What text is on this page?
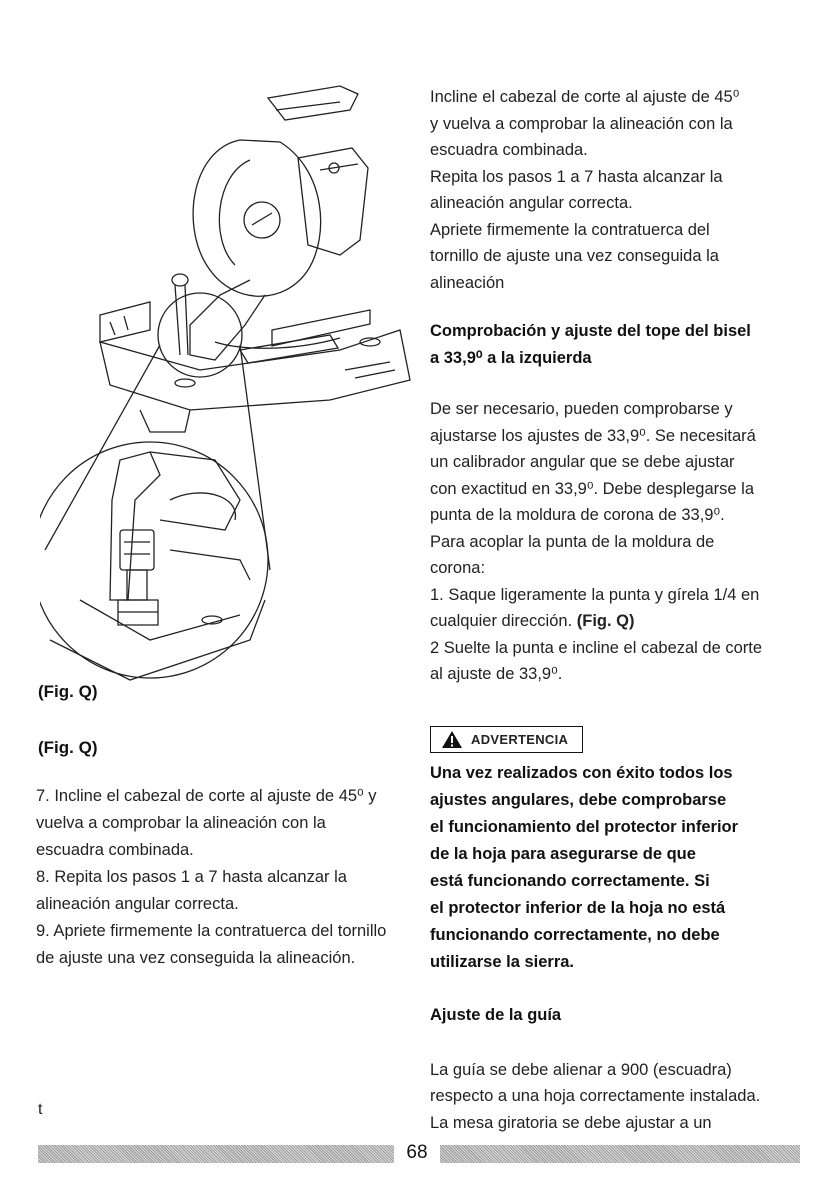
(Fig. Q)
(Fig. Q)

7. Incline el cabezal de corte al ajuste de 45⁰ y vuelva a comprobar la alineación con la escuadra combinada.

8. Repita los pasos 1 a 7 hasta alcanzar la alineación angular correcta.

9. Apriete firmemente la contratuerca del tornillo de ajuste una vez conseguida la alineación.

t

Incline el cabezal de corte al ajuste de 45⁰

y vuelva a comprobar la alineación con la

escuadra combinada.

Repita los pasos 1 a 7 hasta alcanzar la

alineación angular correcta.

Apriete firmemente la contratuerca del

tornillo de ajuste una vez conseguida la

alineación

Comprobación y ajuste del tope del bisel
a 33,9⁰ a la izquierda

De ser necesario, pueden comprobarse y

ajustarse los ajustes de 33,9⁰. Se necesitará

un calibrador angular que se debe ajustar

con exactitud en 33,9⁰. Debe desplegarse la

punta de la moldura de corona de 33,9⁰.

Para acoplar la punta de la moldura de

corona:

1. Saque ligeramente la punta y gírela 1/4 en cualquier dirección. (Fig. Q)

2 Suelte la punta e incline el cabezal de corte

al ajuste de 33,9⁰.

ADVERTENCIA
Una vez realizados con éxito todos los
ajustes angulares, debe comprobarse
el funcionamiento del protector inferior
de la hoja para asegurarse de que
está funcionando correctamente. Si
el protector inferior de la hoja no está
funcionando correctamente, no debe
utilizarse la sierra.
Ajuste de la guía

La guía se debe alienar a 900 (escuadra)

respecto a una hoja correctamente instalada.

La mesa giratoria se debe ajustar a un

68
